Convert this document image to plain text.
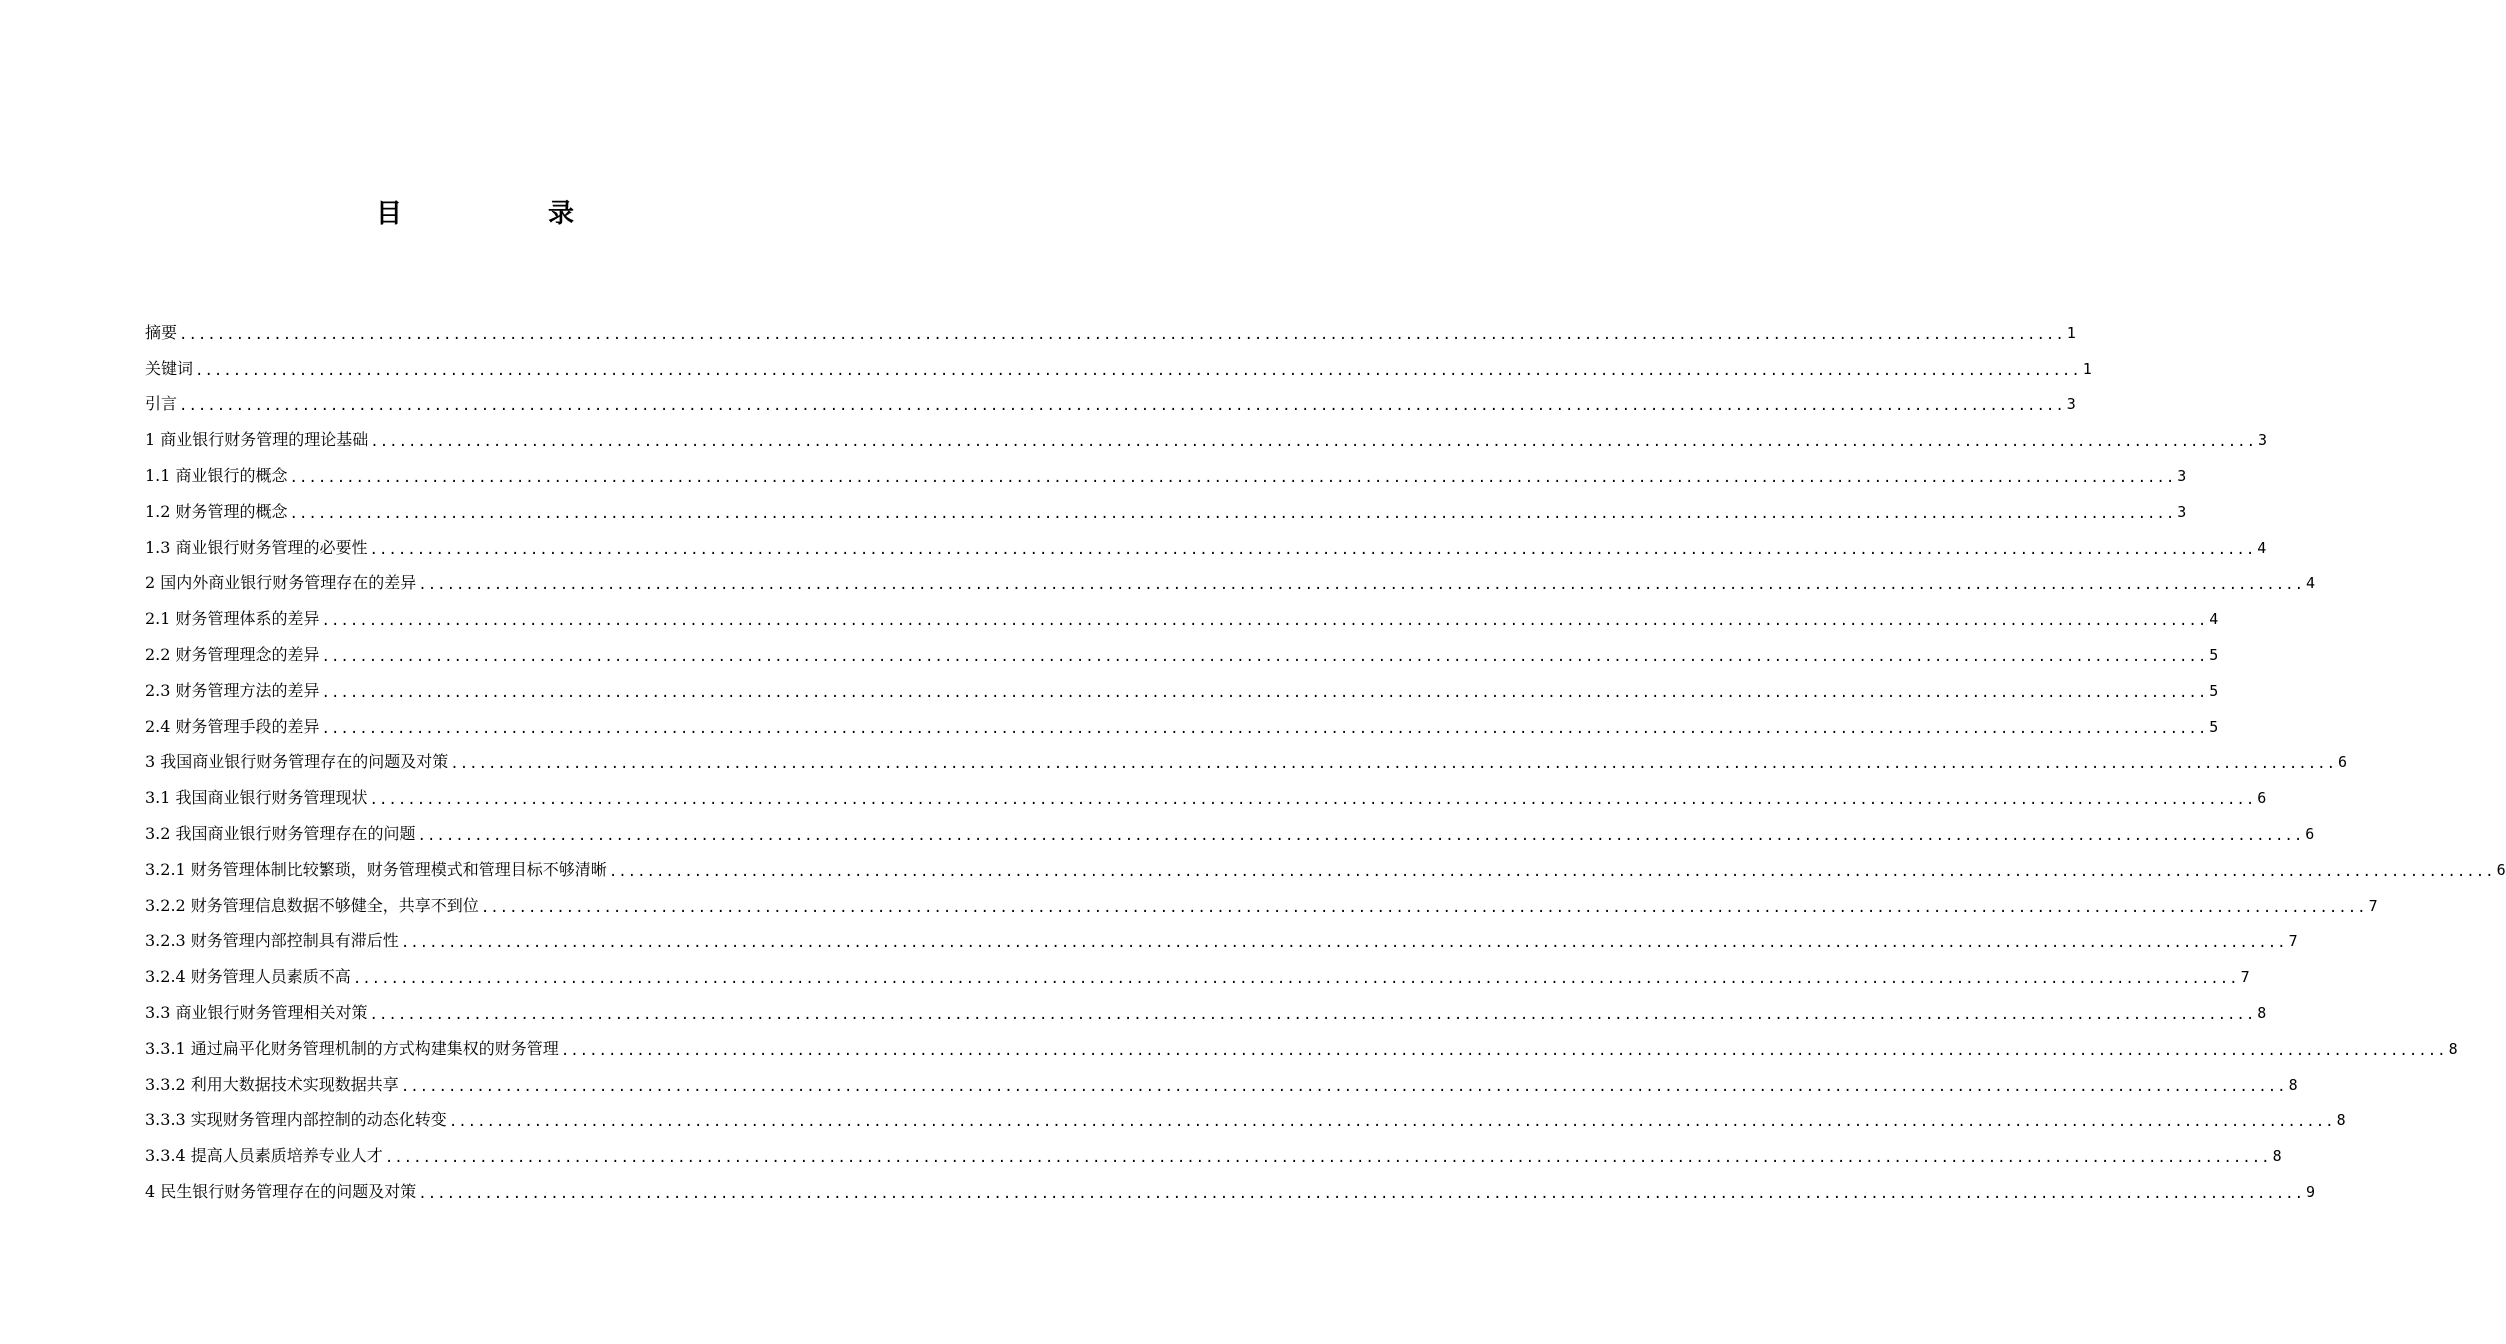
目　录
摘要 ........................................................................................................................................................................................................ 1
关键词 ........................................................................................................................................................................................................ 1
引言 ........................................................................................................................................................................................................ 3
1 商业银行财务管理的理论基础 ........................................................................................................................................................................................................ 3
1.1 商业银行的概念 ........................................................................................................................................................................................................ 3
1.2 财务管理的概念 ........................................................................................................................................................................................................ 3
1.3 商业银行财务管理的必要性 ........................................................................................................................................................................................................ 4
2 国内外商业银行财务管理存在的差异 ........................................................................................................................................................................................................ 4
2.1 财务管理体系的差异 ........................................................................................................................................................................................................ 4
2.2 财务管理理念的差异 ........................................................................................................................................................................................................ 5
2.3 财务管理方法的差异 ........................................................................................................................................................................................................ 5
2.4 财务管理手段的差异 ........................................................................................................................................................................................................ 5
3 我国商业银行财务管理存在的问题及对策 ........................................................................................................................................................................................................ 6
3.1 我国商业银行财务管理现状 ........................................................................................................................................................................................................ 6
3.2 我国商业银行财务管理存在的问题 ........................................................................................................................................................................................................ 6
3.2.1 财务管理体制比较繁琐，财务管理模式和管理目标不够清晰 ........................................................................................................................................................................................................ 6
3.2.2 财务管理信息数据不够健全，共享不到位 ........................................................................................................................................................................................................ 7
3.2.3 财务管理内部控制具有滞后性 ........................................................................................................................................................................................................ 7
3.2.4 财务管理人员素质不高 ........................................................................................................................................................................................................ 7
3.3 商业银行财务管理相关对策 ........................................................................................................................................................................................................ 8
3.3.1 通过扁平化财务管理机制的方式构建集权的财务管理 ........................................................................................................................................................................................................ 8
3.3.2 利用大数据技术实现数据共享 ........................................................................................................................................................................................................ 8
3.3.3 实现财务管理内部控制的动态化转变 ........................................................................................................................................................................................................ 8
3.3.4 提高人员素质培养专业人才 ........................................................................................................................................................................................................ 8
4 民生银行财务管理存在的问题及对策 ........................................................................................................................................................................................................ 9
